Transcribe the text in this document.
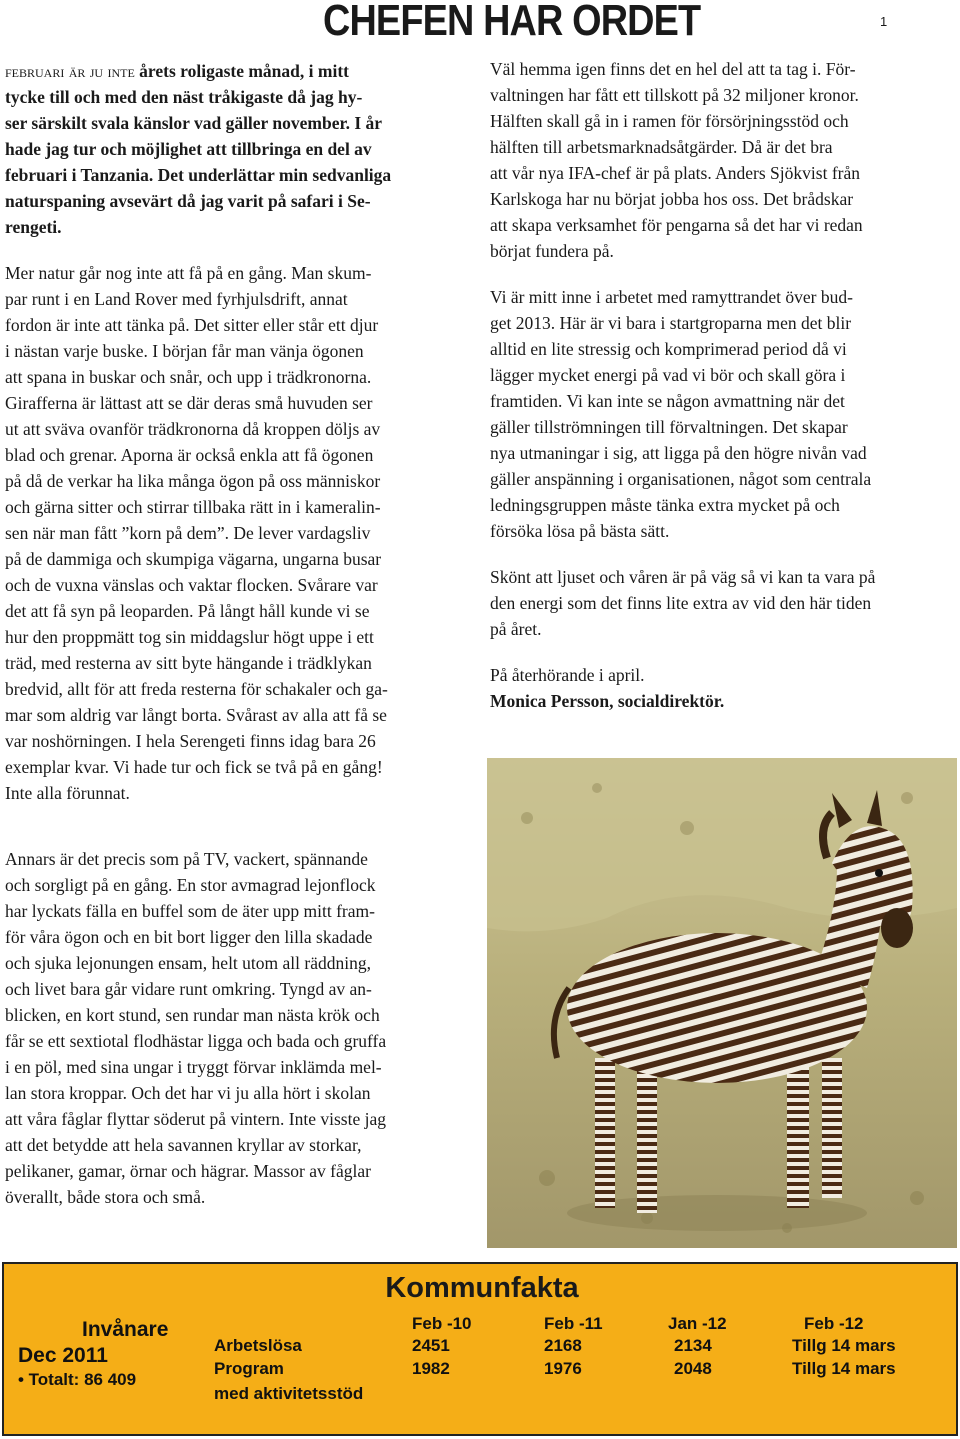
CHEFEN HAR ORDET	1

februari är ju inte årets roligaste månad, i mitt
tycke till och med den näst tråkigaste då jag hy-
ser särskilt svala känslor vad gäller november. I år
hade jag tur och möjlighet att tillbringa en del av
februari i Tanzania. Det underlättar min sedvanliga
naturspaning avsevärt då jag varit på safari i Se-
rengeti.

Mer natur går nog inte att få på en gång. Man skum-
par runt i en Land Rover med fyrhjulsdrift, annat
fordon är inte att tänka på. Det sitter eller står ett djur
i nästan varje buske. I början får man vänja ögonen
att spana in buskar och snår, och upp i trädkronorna.
Girafferna är lättast att se där deras små huvuden ser
ut att sväva ovanför trädkronorna då kroppen döljs av
blad och grenar. Aporna är också enkla att få ögonen
på då de verkar ha lika många ögon på oss människor
och gärna sitter och stirrar tillbaka rätt in i kameralin-
sen när man fått ”korn på dem”. De lever vardagsliv
på de dammiga och skumpiga vägarna, ungarna busar
och de vuxna vänslas och vaktar flocken. Svårare var
det att få syn på leoparden. På långt håll kunde vi se
hur den proppmätt tog sin middagslur högt uppe i ett
träd, med resterna av sitt byte hängande i trädklykan
bredvid, allt för att freda resterna för schakaler och ga-
mar som aldrig var långt borta. Svårast av alla att få se
var noshörningen. I hela Serengeti finns idag bara 26
exemplar kvar. Vi hade tur och fick se två på en gång!
Inte alla förunnat.

Annars är det precis som på TV, vackert, spännande
och sorgligt på en gång. En stor avmagrad lejonflock
har lyckats fälla en buffel som de äter upp mitt fram-
för våra ögon och en bit bort ligger den lilla skadade
och sjuka lejonungen ensam, helt utom all räddning,
och livet bara går vidare runt omkring. Tyngd av an-
blicken, en kort stund, sen rundar man nästa krök och
får se ett sextiotal flodhästar ligga och bada och gruffa
i en pöl, med sina ungar i tryggt förvar inklämda mel-
lan stora kroppar. Och det har vi ju alla hört i skolan
att våra fåglar flyttar söderut på vintern. Inte visste jag
att det betydde att hela savannen kryllar av storkar,
pelikaner, gamar, örnar och hägrar. Massor av fåglar
överallt, både stora och små.

Väl hemma igen finns det en hel del att ta tag i. För-
valtningen har fått ett tillskott på 32 miljoner kronor.
Hälften skall gå in i ramen för försörjningsstöd och
hälften till arbetsmarknadsåtgärder. Då är det bra
att vår nya IFA-chef är på plats. Anders Sjökvist från
Karlskoga har nu börjat jobba hos oss. Det brådskar
att skapa verksamhet för pengarna så det har vi redan
börjat fundera på.

Vi är mitt inne i arbetet med ramyttrandet över bud-
get 2013. Här är vi bara i startgroparna men det blir
alltid en lite stressig och komprimerad period då vi
lägger mycket energi på vad vi bör och skall göra i
framtiden. Vi kan inte se någon avmattning när det
gäller tillströmningen till förvaltningen. Det skapar
nya utmaningar i sig, att ligga på den högre nivån vad
gäller anspänning i organisationen, något som centrala
ledningsgruppen måste tänka extra mycket på och
försöka lösa på bästa sätt.

Skönt att ljuset och våren är på väg så vi kan ta vara på
den energi som det finns lite extra av vid den här tiden
på året.

På återhörande i april.
Monica Persson, socialdirektör.

Kommunfakta
Invånare
Dec 2011
• Totalt: 86 409
Arbetslösa
Program
med aktivitetsstöd
Feb -10
2451
1982
Feb -11
2168
1976
Jan -12
2134
2048
Feb -12
Tillg 14 mars
Tillg 14 mars
